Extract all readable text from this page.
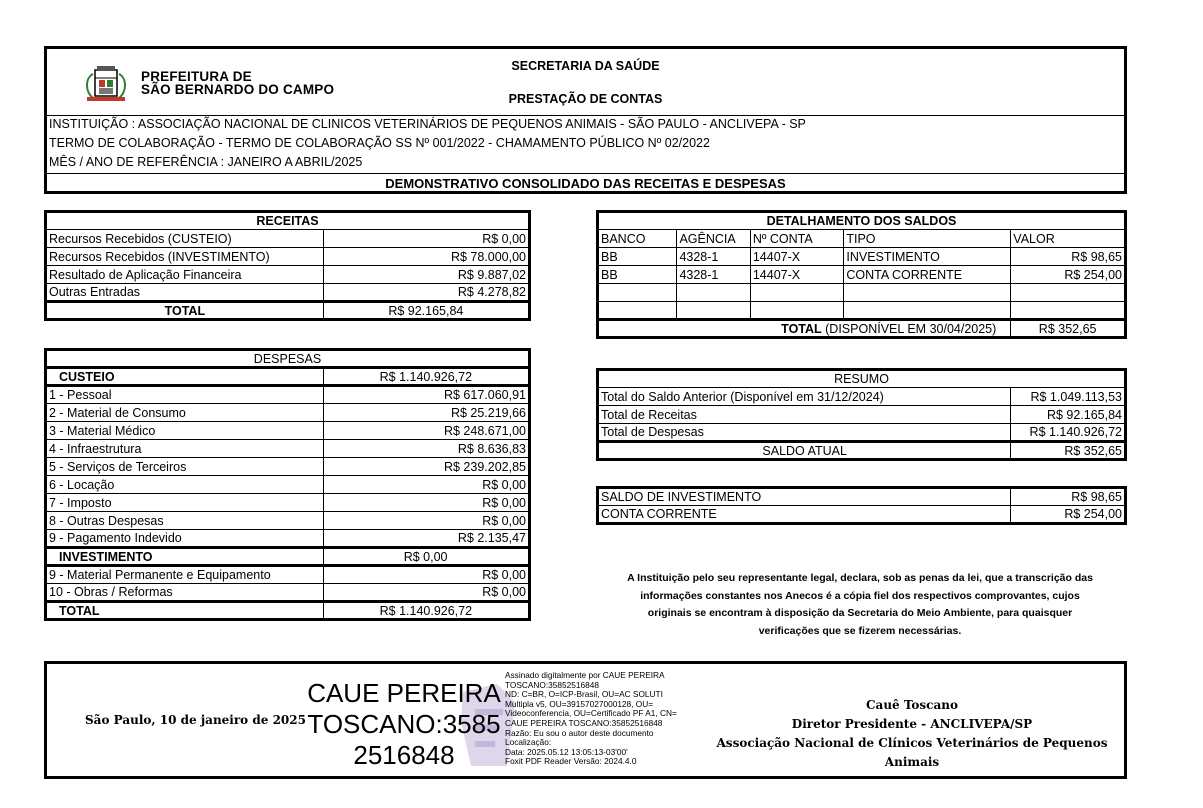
PREFEITURA DE
SÃO BERNARDO DO CAMPO
SECRETARIA DA SAÚDE
PRESTAÇÃO DE CONTAS
INSTITUIÇÃO : ASSOCIAÇÃO NACIONAL DE CLINICOS VETERINÁRIOS DE PEQUENOS ANIMAIS - SÃO PAULO - ANCLIVEPA - SP
TERMO DE COLABORAÇÃO - TERMO DE COLABORAÇÃO SS Nº 001/2022 - CHAMAMENTO PÚBLICO Nº 02/2022
MÊS / ANO DE REFERÊNCIA : JANEIRO A ABRIL/2025
DEMONSTRATIVO CONSOLIDADO DAS RECEITAS E DESPESAS
RECEITAS	
Recursos Recebidos (CUSTEIO)	R$ 0,00
Recursos Recebidos (INVESTIMENTO)	R$ 78.000,00
Resultado de Aplicação Financeira	R$ 9.887,02
Outras Entradas	R$ 4.278,82
TOTAL	R$ 92.165,84
DESPESAS	
CUSTEIO	R$ 1.140.926,72
1 - Pessoal	R$ 617.060,91
2 - Material de Consumo	R$ 25.219,66
3 - Material Médico	R$ 248.671,00
4 - Infraestrutura	R$ 8.636,83
5 - Serviços de Terceiros	R$ 239.202,85
6 - Locação	R$ 0,00
7 - Imposto	R$ 0,00
8 - Outras Despesas	R$ 0,00
9 - Pagamento Indevido	R$ 2.135,47
INVESTIMENTO	R$ 0,00
9 - Material Permanente e Equipamento	R$ 0,00
10 - Obras / Reformas	R$ 0,00
TOTAL	R$ 1.140.926,72
DETALHAMENTO DOS SALDOS				
BANCO	AGÊNCIA	Nº CONTA	TIPO	VALOR
BB	4328-1	14407-X	INVESTIMENTO	R$ 98,65
BB	4328-1	14407-X	CONTA CORRENTE	R$ 254,00

TOTAL (DISPONÍVEL EM 30/04/2025)				R$ 352,65
RESUMO	
Total do Saldo Anterior (Disponível em 31/12/2024)	R$ 1.049.113,53
Total de Receitas	R$ 92.165,84
Total de Despesas	R$ 1.140.926,72
SALDO ATUAL	R$ 352,65
SALDO DE INVESTIMENTO	R$ 98,65
CONTA CORRENTE	R$ 254,00
A Instituição pelo seu representante legal, declara, sob as penas da lei, que a transcrição das
informações constantes nos Anecos é a cópia fiel dos respectivos comprovantes, cujos
originais se encontram à disposição da Secretaria do Meio Ambiente, para quaisquer
verificações que se fizerem necessárias.
São Paulo, 10 de janeiro de 2025
CAUE PEREIRA
TOSCANO:3585
2516848
Assinado digitalmente por CAUE PEREIRA
TOSCANO:35852516848
ND: C=BR, O=ICP-Brasil, OU=AC SOLUTI
Multipla v5, OU=39157027000128, OU=
Videoconferencia, OU=Certificado PF A1, CN=
CAUE PEREIRA TOSCANO:35852516848
Razão: Eu sou o autor deste documento
Localização:
Data: 2025.05.12 13:05:13-03'00'
Foxit PDF Reader Versão: 2024.4.0
Cauê Toscano
Diretor Presidente - ANCLIVEPA/SP
Associação Nacional de Clínicos Veterinários de Pequenos Animais
